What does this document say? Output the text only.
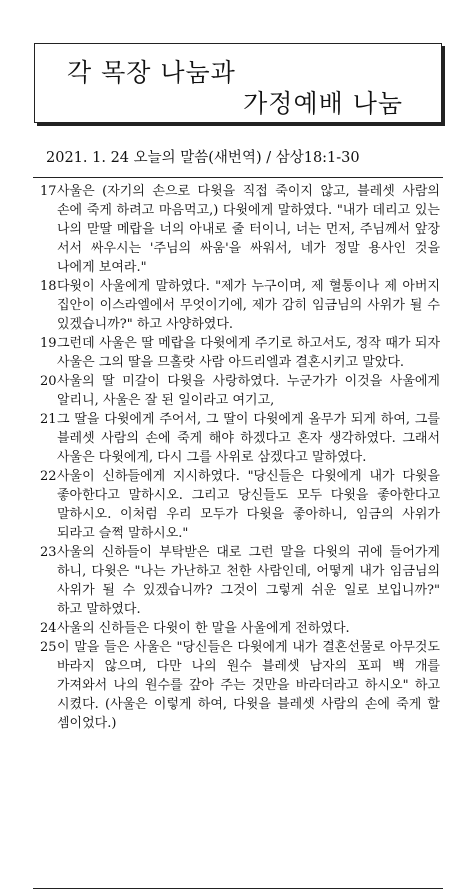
각 목장 나눔과
가정예배 나눔
2021. 1. 24 오늘의 말씀(새번역) / 삼상18:1-30
17 사울은 (자기의 손으로 다윗을 직접 죽이지 않고, 블레셋 사람의 손에 죽게 하려고 마음먹고,) 다윗에게 말하였다. "내가 데리고 있는 나의 맏딸 메랍을 너의 아내로 줄 터이니, 너는 먼저, 주님께서 앞장 서서 싸우시는 '주님의 싸움'을 싸워서, 네가 정말 용사인 것을 나에게 보여라."
18 다윗이 사울에게 말하였다. "제가 누구이며, 제 혈통이나 제 아버지 집안이 이스라엘에서 무엇이기에, 제가 감히 임금님의 사위가 될 수 있겠습니까?" 하고 사양하였다.
19 그런데 사울은 딸 메랍을 다윗에게 주기로 하고서도, 정작 때가 되자 사울은 그의 딸을 므홀랏 사람 아드리엘과 결혼시키고 말았다.
20 사울의 딸 미갈이 다윗을 사랑하였다. 누군가가 이것을 사울에게 알리니, 사울은 잘 된 일이라고 여기고,
21 그 딸을 다윗에게 주어서, 그 딸이 다윗에게 올무가 되게 하여, 그를 블레셋 사람의 손에 죽게 해야 하겠다고 혼자 생각하였다. 그래서 사울은 다윗에게, 다시 그를 사위로 삼겠다고 말하였다.
22 사울이 신하들에게 지시하였다. "당신들은 다윗에게 내가 다윗을 좋아한다고 말하시오. 그리고 당신들도 모두 다윗을 좋아한다고 말하시오. 이처럼 우리 모두가 다윗을 좋아하니, 임금의 사위가 되라고 슬쩍 말하시오."
23 사울의 신하들이 부탁받은 대로 그런 말을 다윗의 귀에 들어가게 하니, 다윗은 "나는 가난하고 천한 사람인데, 어떻게 내가 임금님의 사위가 될 수 있겠습니까? 그것이 그렇게 쉬운 일로 보입니까?" 하고 말하였다.
24 사울의 신하들은 다윗이 한 말을 사울에게 전하였다.
25 이 말을 들은 사울은 "당신들은 다윗에게 내가 결혼선물로 아무것도 바라지 않으며, 다만 나의 원수 블레셋 남자의 포피 백 개를 가져와서 나의 원수를 갚아 주는 것만을 바라더라고 하시오" 하고 시켰다. (사울은 이렇게 하여, 다윗을 블레셋 사람의 손에 죽게 할 셈이었다.)
